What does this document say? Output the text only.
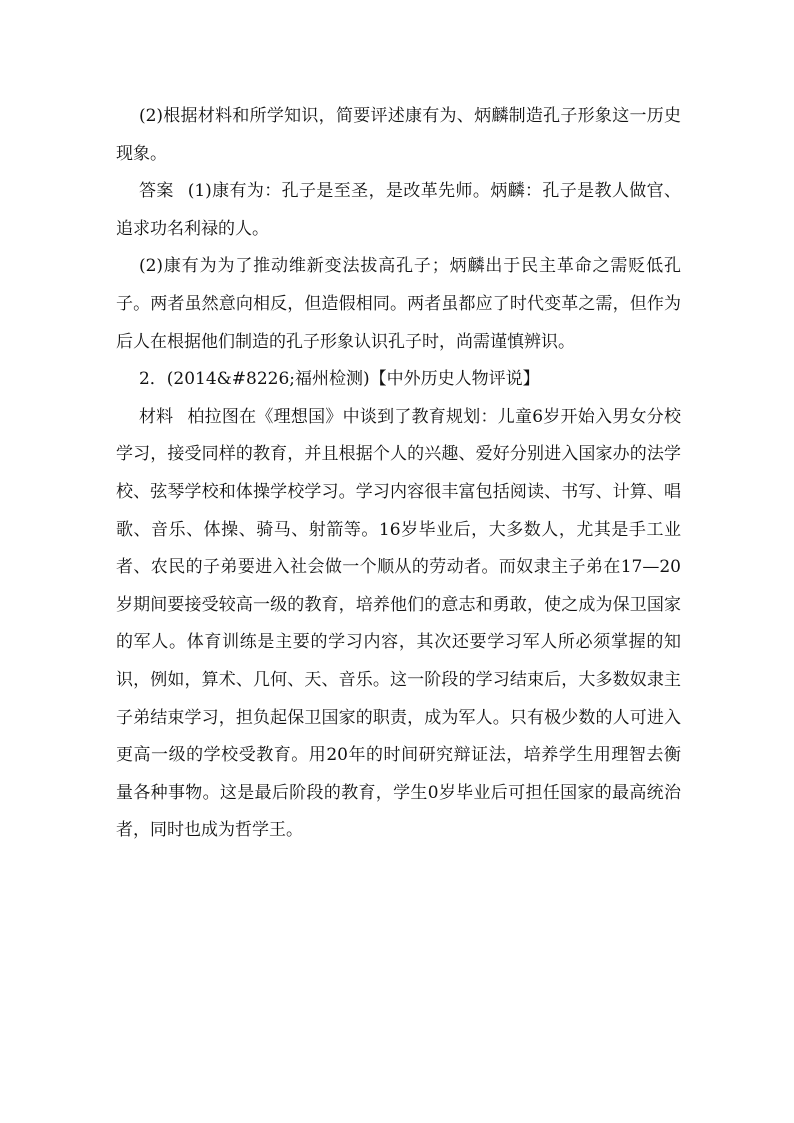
(2)根据材料和所学知识，简要评述康有为、炳麟制造孔子形象这一历史现象。

答案 (1)康有为：孔子是至圣，是改革先师。炳麟：孔子是教人做官、追求功名利禄的人。

(2)康有为为了推动维新变法拔高孔子；炳麟出于民主革命之需贬低孔子。两者虽然意向相反，但造假相同。两者虽都应了时代变革之需，但作为后人在根据他们制造的孔子形象认识孔子时，尚需谨慎辨识。

2．(2014&#8226;福州检测)【中外历史人物评说】

材料 柏拉图在《理想国》中谈到了教育规划：儿童6岁开始入男女分校学习，接受同样的教育，并且根据个人的兴趣、爱好分别进入国家办的法学校、弦琴学校和体操学校学习。学习内容很丰富包括阅读、书写、计算、唱歌、音乐、体操、骑马、射箭等。16岁毕业后，大多数人，尤其是手工业者、农民的子弟要进入社会做一个顺从的劳动者。而奴隶主子弟在17—20岁期间要接受较高一级的教育，培养他们的意志和勇敢，使之成为保卫国家的军人。体育训练是主要的学习内容，其次还要学习军人所必须掌握的知识，例如，算术、几何、天、音乐。这一阶段的学习结束后，大多数奴隶主子弟结束学习，担负起保卫国家的职责，成为军人。只有极少数的人可进入更高一级的学校受教育。用20年的时间研究辩证法，培养学生用理智去衡量各种事物。这是最后阶段的教育，学生0岁毕业后可担任国家的最高统治者，同时也成为哲学王。
